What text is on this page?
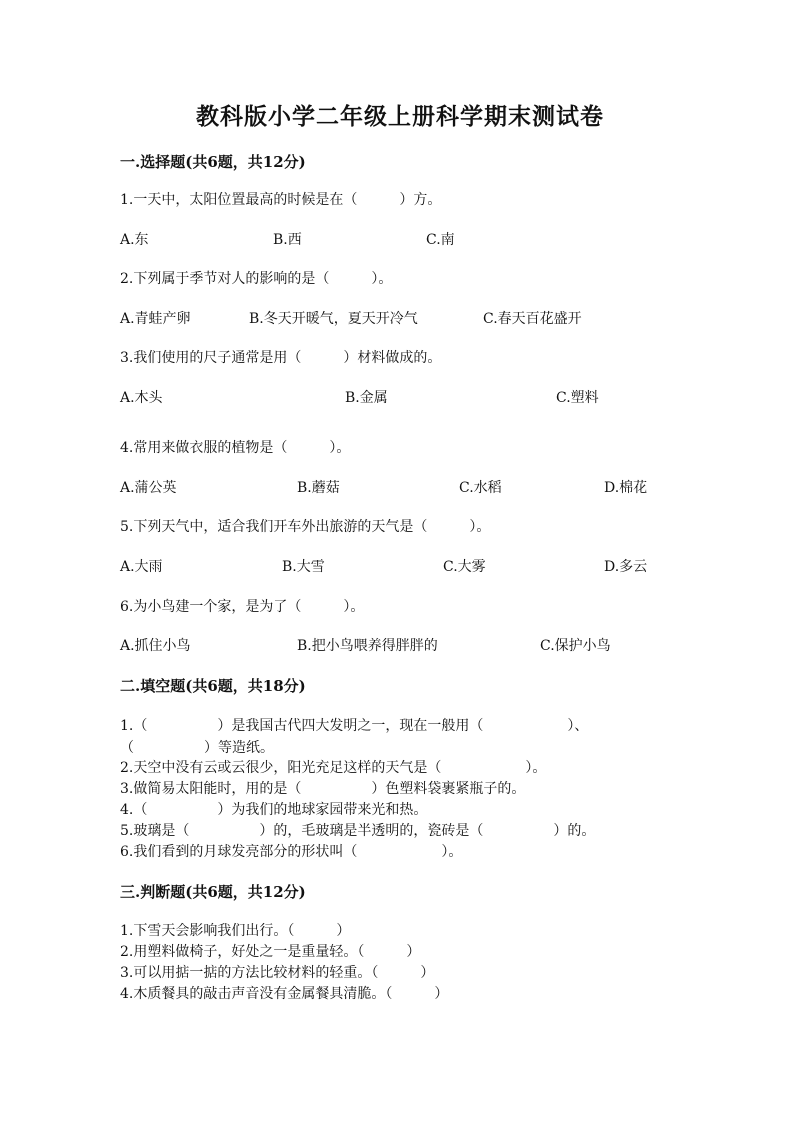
教科版小学二年级上册科学期末测试卷
一.选择题(共6题，共12分)
1.一天中，太阳位置最高的时候是在（　　　）方。
A.东	B.西	C.南
2.下列属于季节对人的影响的是（　　　）。
A.青蛙产卵	B.冬天开暖气，夏天开冷气	C.春天百花盛开
3.我们使用的尺子通常是用（　　　）材料做成的。
A.木头	B.金属	C.塑料
4.常用来做衣服的植物是（　　　）。
A.蒲公英	B.蘑菇	C.水稻	D.棉花
5.下列天气中，适合我们开车外出旅游的天气是（　　　）。
A.大雨	B.大雪	C.大雾	D.多云
6.为小鸟建一个家，是为了（　　　）。
A.抓住小鸟	B.把小鸟喂养得胖胖的	C.保护小鸟
二.填空题(共6题，共18分)
1.（　　　　　）是我国古代四大发明之一，现在一般用（　　　　　　）、
（　　　　　）等造纸。
2.天空中没有云或云很少，阳光充足这样的天气是（　　　　　　）。
3.做简易太阳能时，用的是（　　　　　）色塑料袋裹紧瓶子的。
4.（　　　　　）为我们的地球家园带来光和热。
5.玻璃是（　　　　　）的，毛玻璃是半透明的，瓷砖是（　　　　　）的。
6.我们看到的月球发亮部分的形状叫（　　　　　　）。
三.判断题(共6题，共12分)
1.下雪天会影响我们出行。（　　　）
2.用塑料做椅子，好处之一是重量轻。（　　　）
3.可以用掂一掂的方法比较材料的轻重。（　　　）
4.木质餐具的敲击声音没有金属餐具清脆。（　　　）
